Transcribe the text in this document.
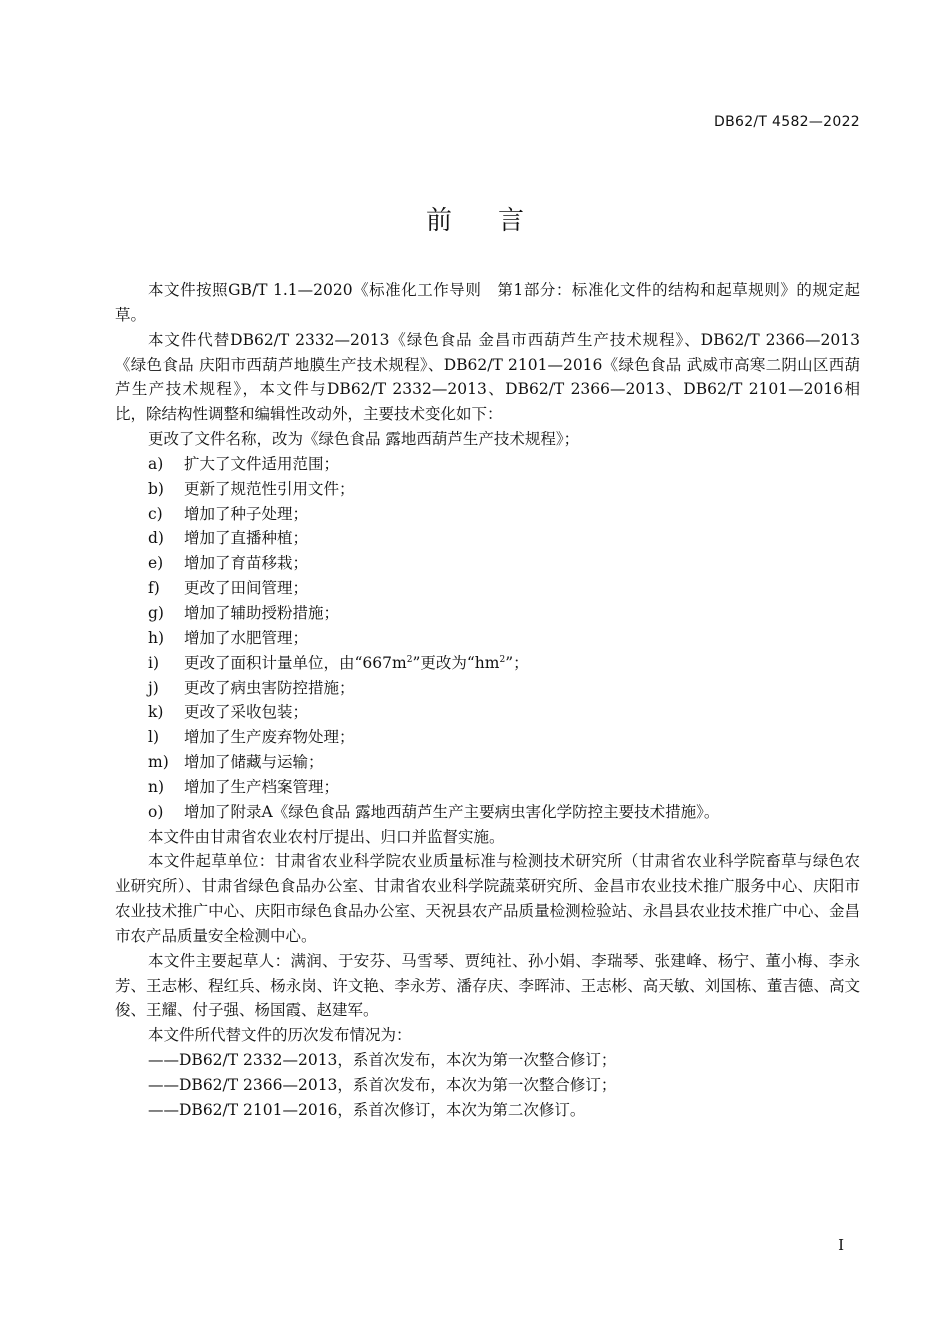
DB62/T 4582—2022
前言

本文件按照GB/T 1.1—2020《标准化工作导则　第1部分：标准化文件的结构和起草规则》的规定起草。

本文件代替DB62/T 2332—2013《绿色食品 金昌市西葫芦生产技术规程》、DB62/T 2366—2013《绿色食品 庆阳市西葫芦地膜生产技术规程》、DB62/T 2101—2016《绿色食品 武威市高寒二阴山区西葫芦生产技术规程》，本文件与DB62/T 2332—2013、DB62/T 2366—2013、DB62/T 2101—2016相比，除结构性调整和编辑性改动外，主要技术变化如下：

更改了文件名称，改为《绿色食品 露地西葫芦生产技术规程》；

a) 扩大了文件适用范围；

b) 更新了规范性引用文件；

c) 增加了种子处理；

d) 增加了直播种植；

e) 增加了育苗移栽；

f) 更改了田间管理；

g) 增加了辅助授粉措施；

h) 增加了水肥管理；

i) 更改了面积计量单位，由“$667m^2$”更改为“$hm^2$”；

j) 更改了病虫害防控措施；

k) 更改了采收包装；

l) 增加了生产废弃物处理；

m) 增加了储藏与运输；

n) 增加了生产档案管理；

o) 增加了附录A《绿色食品 露地西葫芦生产主要病虫害化学防控主要技术措施》。

本文件由甘肃省农业农村厅提出、归口并监督实施。

本文件起草单位：甘肃省农业科学院农业质量标准与检测技术研究所（甘肃省农业科学院畜草与绿色农业研究所）、甘肃省绿色食品办公室、甘肃省农业科学院蔬菜研究所、金昌市农业技术推广服务中心、庆阳市农业技术推广中心、庆阳市绿色食品办公室、天祝县农产品质量检测检验站、永昌县农业技术推广中心、金昌市农产品质量安全检测中心。

本文件主要起草人：满润、于安芬、马雪琴、贾纯社、孙小娟、李瑞琴、张建峰、杨宁、董小梅、李永芳、王志彬、程红兵、杨永岗、许文艳、李永芳、潘存庆、李晖沛、王志彬、高天敏、刘国栋、董吉德、高文俊、王耀、付子强、杨国霞、赵建军。

本文件所代替文件的历次发布情况为：

——DB62/T 2332—2013，系首次发布，本次为第一次整合修订；

——DB62/T 2366—2013，系首次发布，本次为第一次整合修订；

——DB62/T 2101—2016，系首次修订，本次为第二次修订。

I
